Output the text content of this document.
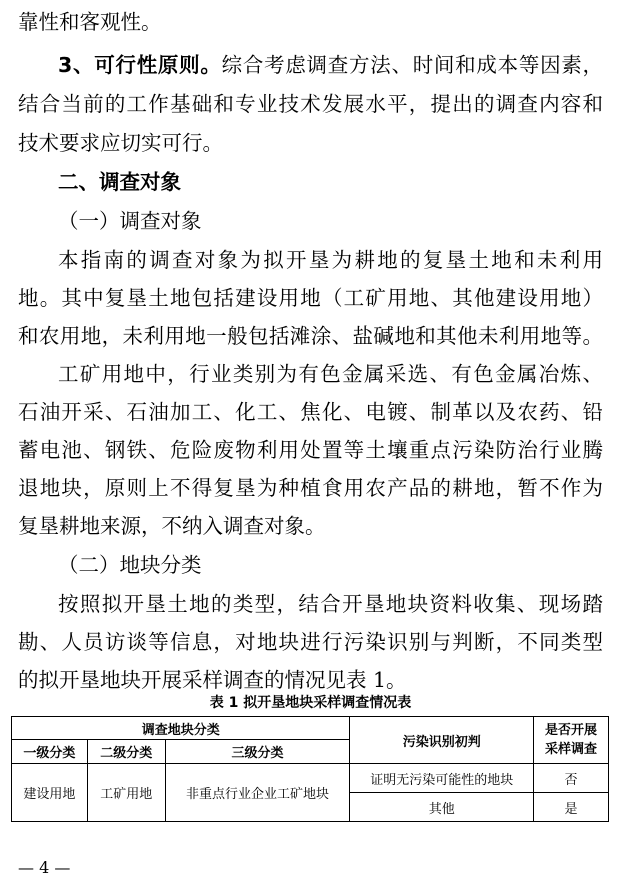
靠性和客观性。
3、可行性原则。综合考虑调查方法、时间和成本等因素，
结合当前的工作基础和专业技术发展水平，提出的调查内容和
技术要求应切实可行。
二、调查对象
（一）调查对象
本指南的调查对象为拟开垦为耕地的复垦土地和未利用
地。其中复垦土地包括建设用地（工矿用地、其他建设用地）
和农用地，未利用地一般包括滩涂、盐碱地和其他未利用地等。
工矿用地中，行业类别为有色金属采选、有色金属冶炼、
石油开采、石油加工、化工、焦化、电镀、制革以及农药、铅
蓄电池、钢铁、危险废物利用处置等土壤重点污染防治行业腾
退地块，原则上不得复垦为种植食用农产品的耕地，暂不作为
复垦耕地来源，不纳入调查对象。
（二）地块分类
按照拟开垦土地的类型，结合开垦地块资料收集、现场踏
勘、人员访谈等信息，对地块进行污染识别与判断，不同类型
的拟开垦地块开展采样调查的情况见表 1。
表 1 拟开垦地块采样调查情况表
调查地块分类			污染识别初判	是否开展采样调查
一级分类	二级分类	三级分类		
建设用地	工矿用地	非重点行业企业工矿地块	证明无污染可能性的地块	否
			其他	是
— 4 —
